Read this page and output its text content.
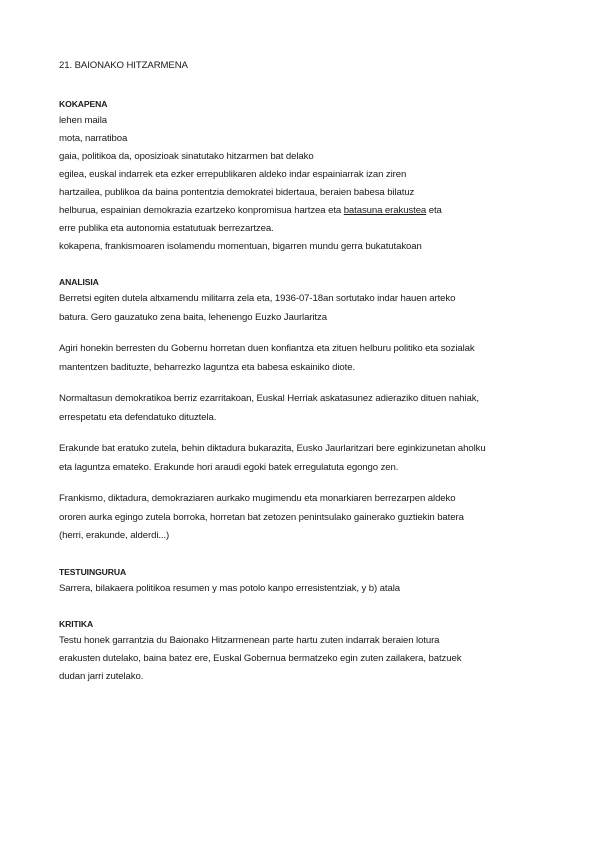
21. BAIONAKO HITZARMENA
KOKAPENA
lehen maila
mota, narratiboa
gaia, politikoa da, oposizioak sinatutako hitzarmen bat delako
egilea, euskal indarrek eta ezker errepublikaren aldeko indar espainiarrak izan ziren
hartzailea, publikoa da baina pontentzia demokratei bidertaua, beraien babesa bilatuz
helburua, espainian demokrazia ezartzeko konpromisua hartzea eta batasuna erakustea eta
erre publika eta autonomia estatutuak berrezartzea.
kokapena, frankismoaren isolamendu momentuan, bigarren mundu gerra bukatutakoan
ANALISIA
Berretsi egiten dutela altxamendu militarra zela eta, 1936-07-18an sortutako indar hauen arteko
batura. Gero gauzatuko zena baita, lehenengo Euzko Jaurlaritza
Agiri honekin berresten du Gobernu horretan duen konfiantza eta zituen helburu politiko eta sozialak
mantentzen badituzte, beharrezko laguntza eta babesa eskainiko diote.
Normaltasun demokratikoa berriz ezarritakoan, Euskal Herriak askatasunez adieraziko dituen nahiak,
errespetatu eta defendatuko dituztela.
Erakunde bat eratuko zutela, behin diktadura bukarazita, Eusko Jaurlaritzari bere eginkizunetan aholku
eta laguntza emateko. Erakunde hori araudi egoki batek erregulatuta egongo zen.
Frankismo, diktadura, demokraziaren aurkako mugimendu eta monarkiaren berrezarpen aldeko
ororen aurka egingo zutela borroka, horretan bat zetozen penintsulako gainerako guztiekin batera
(herri, erakunde, alderdi...)
TESTUINGURUA
Sarrera, bilakaera politikoa resumen y mas potolo kanpo erresistentziak, y b) atala
KRITIKA
Testu honek garrantzia du Baionako Hitzarmenean parte hartu zuten indarrak beraien lotura
erakusten dutelako, baina batez ere, Euskal Gobernua bermatzeko egin zuten zailakera, batzuek
dudan jarri zutelako.
